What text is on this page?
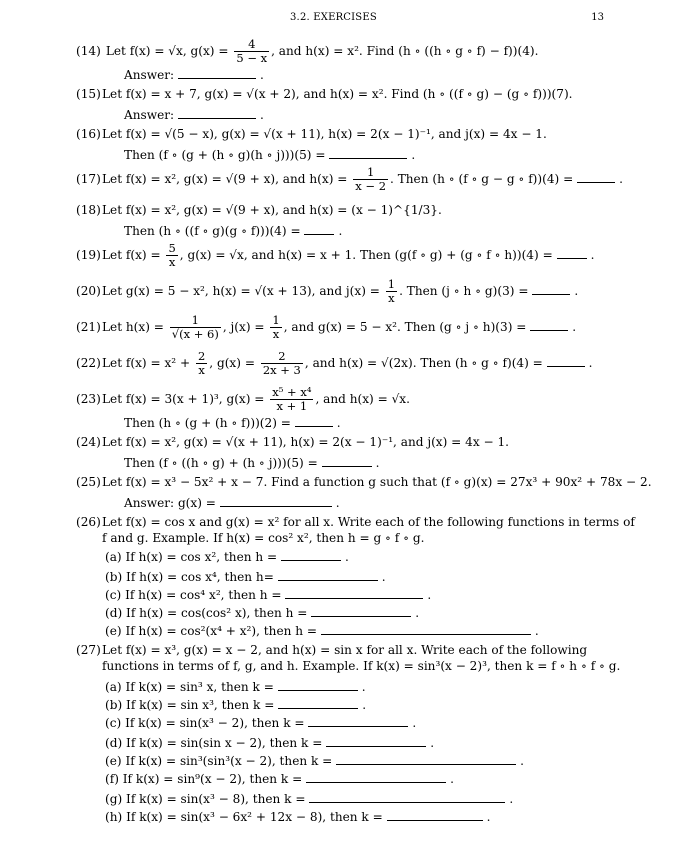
3.2. EXERCISES	13
(14) Let f(x) = √x, $g(x) = \frac{4}{5 - x}$ , and h(x) = x². Find (h ∘ ((h ∘ g ∘ f) − f))(4).
Answer:	.
(15)Let f(x) = x + 7, g(x) = √(x + 2), and h(x) = x². Find (h ∘ ((f ∘ g) − (g ∘ f)))(7).
Answer:	.
(16)Let f(x) = √(5 − x), g(x) = √(x + 11), h(x) = 2(x − 1)⁻¹, and j(x) = 4x − 1.
Then (f ∘ (g + (h ∘ g)(h ∘ j)))(5) =	.
(17)Let f(x) = x², g(x) = √(9 + x), and $h(x) = \frac{1}{x - 2}$ . Then (h ∘ (f ∘ g − g ∘ f))(4) =	.
(18)Let f(x) = x², g(x) = √(9 + x), and h(x) = (x − 1)^{1/3}.
Then (h ∘ ((f ∘ g)(g ∘ f)))(4) =	.
(19)Let $f(x) = \frac{5}{x}$ , g(x) = √x, and h(x) = x + 1. Then (g(f ∘ g) + (g ∘ f ∘ h))(4) =	.
(20)Let g(x) = 5 − x², h(x) = √(x + 13), and $j(x) = \frac{1}{x}$ . Then (j ∘ h ∘ g)(3) =	.
(21)Let $h(x) = \frac{1}{√(x + 6)}$ , $j(x) = \frac{1}{x}$ , and g(x) = 5 − x². Then (g ∘ j ∘ h)(3) =	.
(22)Let $f(x) = x^2 + \frac{2}{x}$ , $g(x) = \frac{2}{2x + 3}$ , and h(x) = √(2x). Then (h ∘ g ∘ f)(4) =	.
(23)Let f(x) = 3(x + 1)³, $g(x) = \frac{\text{x⁵ + x⁴}}{x + 1}$ , and h(x) = √x.
Then (h ∘ (g + (h ∘ f)))(2) =	.
(24)Let f(x) = x², g(x) = √(x + 11), h(x) = 2(x − 1)⁻¹, and j(x) = 4x − 1.
Then (f ∘ ((h ∘ g) + (h ∘ j)))(5) =	.
(25)Let f(x) = x³ − 5x² + x − 7. Find a function g such that (f ∘ g)(x) = 27x³ + 90x² + 78x − 2.
Answer: g(x) =	.
(26)Let f(x) = cos x and g(x) = x² for all x. Write each of the following functions in terms of
f and g. Example. If h(x) = cos² x², then h = g ∘ f ∘ g.
(a) If h(x) = cos x², then h =	.
(b) If h(x) = cos x⁴, then h=	.
(c) If h(x) = cos⁴ x², then h =	.
(d) If h(x) = cos(cos² x), then h =	.
(e) If h(x) = cos²(x⁴ + x²), then h =	.
(27)Let f(x) = x³, g(x) = x − 2, and h(x) = sin x for all x. Write each of the following
functions in terms of f, g, and h. Example. If k(x) = sin³(x − 2)³, then k = f ∘ h ∘ f ∘ g.
(a) If k(x) = sin³ x, then k =	.
(b) If k(x) = sin x³, then k =	.
(c) If k(x) = sin(x³ − 2), then k =	.
(d) If k(x) = sin(sin x − 2), then k =	.
(e) If k(x) = sin³(sin³(x − 2), then k =	.
(f) If k(x) = sin⁹(x − 2), then k =	.
(g) If k(x) = sin(x³ − 8), then k =	.
(h) If k(x) = sin(x³ − 6x² + 12x − 8), then k =	.
